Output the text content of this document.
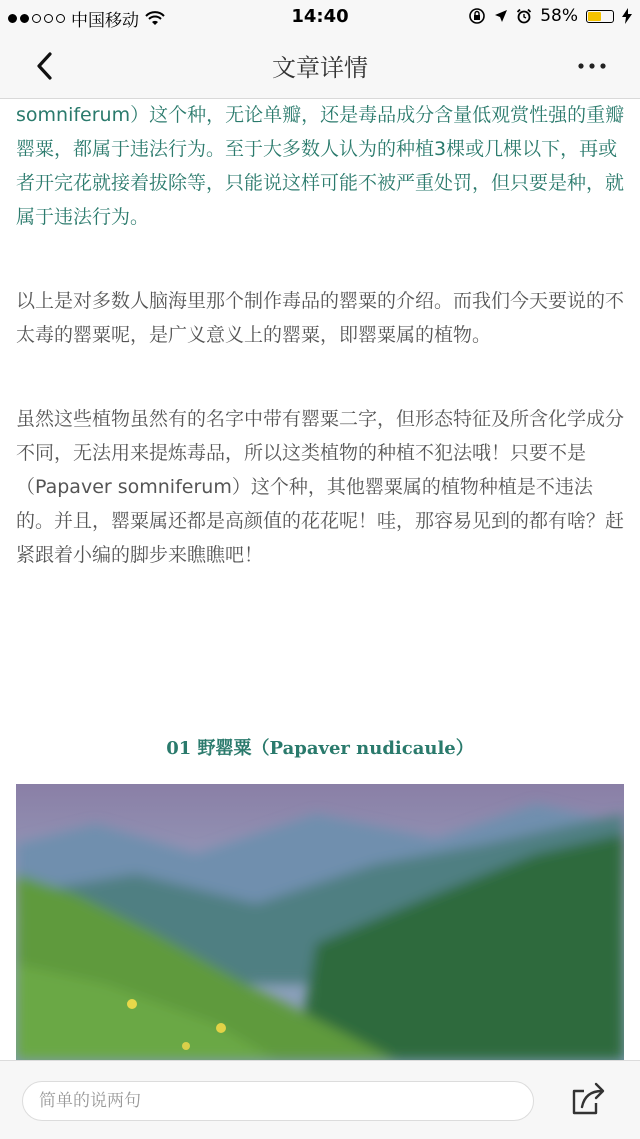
中国移动	14:40	58%
文章详情

somniferum）这个种，无论单瓣，还是毒品成分含量低观赏性强的重瓣罂粟，都属于违法行为。至于大多数人认为的种植3棵或几棵以下，再或者开完花就接着拔除等，只能说这样可能不被严重处罚，但只要是种，就属于违法行为。

以上是对多数人脑海里那个制作毒品的罂粟的介绍。而我们今天要说的不太毒的罂粟呢，是广义意义上的罂粟，即罂粟属的植物。

虽然这些植物虽然有的名字中带有罂粟二字，但形态特征及所含化学成分不同，无法用来提炼毒品，所以这类植物的种植不犯法哦！只要不是（Papaver somniferum）这个种，其他罂粟属的植物种植是不违法的。并且，罂粟属还都是高颜值的花花呢！哇，那容易见到的都有啥？赶紧跟着小编的脚步来瞧瞧吧！

01 野罂粟（Papaver nudicaule）
简单的说两句
